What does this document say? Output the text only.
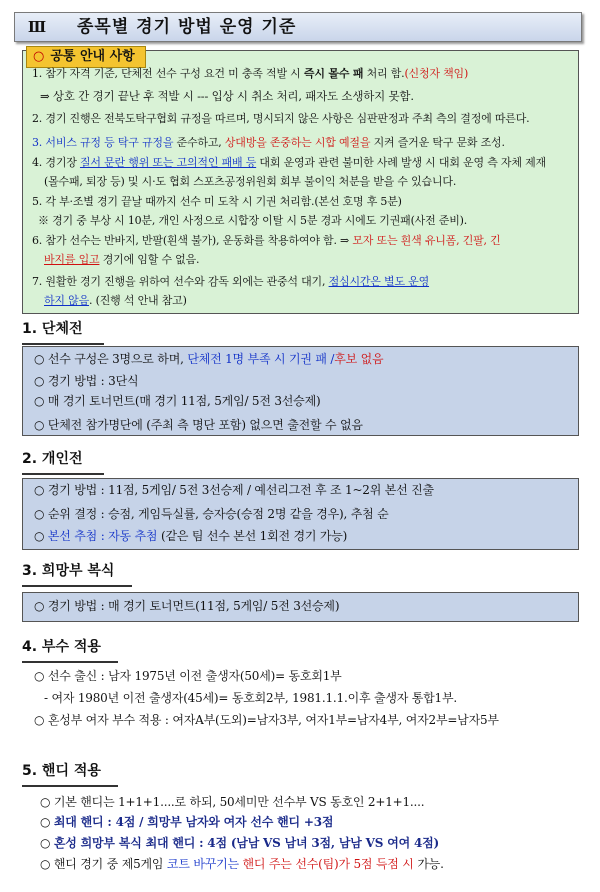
Ⅲ	종목별 경기 방법 운영 기준
○ 공통 안내 사항
1. 참가 자격 기준, 단체전 선수 구성 요건 미 충족 적발 시 즉시 몰수 패 처리 함.(신청자 책임)
⇒ 상호 간 경기 끝난 후 적발 시 --- 입상 시 취소 처리, 패자도 소생하지 못함.
2. 경기 진행은 전북도탁구협회 규정을 따르며, 명시되지 않은 사항은 심판판정과 주최 측의 결정에 따른다.
3. 서비스 규정 등 탁구 규정을 준수하고, 상대방을 존중하는 시합 예절을 지켜 즐거운 탁구 문화 조성.
4. 경기장 질서 문란 행위 또는 고의적인 패배 등 대회 운영과 관련 불미한 사례 발생 시 대회 운영 측 자체 제재
(몰수패, 퇴장 등) 및 시·도 협회 스포츠공정위원회 회부 불이익 처분을 받을 수 있습니다.
5. 각 부·조별 경기 끝날 때까지 선수 미 도착 시 기권 처리함.(본선 호명 후 5분)
※ 경기 중 부상 시 10분, 개인 사정으로 시합장 이탈 시 5분 경과 시에도 기권패(사전 준비).
6. 참가 선수는 반바지, 반팔(흰색 불가), 운동화를 착용하여야 함. ⇒ 모자 또는 흰색 유니폼, 긴팔, 긴
바지를 입고 경기에 임할 수 없음.
7. 원활한 경기 진행을 위하여 선수와 감독 외에는 관중석 대기, 점심시간은 별도 운영
하지 않음. (진행 석 안내 참고)
1. 단체전
○ 선수 구성은 3명으로 하며, 단체전 1명 부족 시 기권 패 /후보 없음
○ 경기 방법 : 3단식
○ 매 경기 토너먼트(매 경기 11점, 5게임/ 5전 3선승제)
○ 단체전 참가명단에 (주최 측 명단 포함) 없으면 출전할 수 없음
2. 개인전
○ 경기 방법 : 11점, 5게임/ 5전 3선승제 / 예선리그전 후 조 1~2위 본선 진출
○ 순위 결정 : 승점, 게임득실률, 승자승(승점 2명 같을 경우), 추첨 순
○ 본선 추첨 : 자동 추첨 (같은 팀 선수 본선 1회전 경기 가능)
3. 희망부 복식
○ 경기 방법 : 매 경기 토너먼트(11점, 5게임/ 5전 3선승제)
4. 부수 적용
○ 선수 출신 : 남자 1975년 이전 출생자(50세)= 동호회1부
- 여자 1980년 이전 출생자(45세)= 동호회2부, 1981.1.1.이후 출생자 통합1부.
○ 혼성부 여자 부수 적용 : 여자A부(도외)=남자3부, 여자1부=남자4부, 여자2부=남자5부
5. 핸디 적용
○ 기본 핸디는 1+1+1....로 하되, 50세미만 선수부 VS 동호인 2+1+1....
○ 최대 핸디 : 4점 / 희망부 남자와 여자 선수 핸디 +3점
○ 혼성 희망부 복식 최대 핸디 : 4점 (남남 VS 남녀 3점, 남남 VS 여여 4점)
○ 핸디 경기 중 제5게임 코트 바꾸기는 핸디 주는 선수(팀)가 5점 득점 시 가능.
